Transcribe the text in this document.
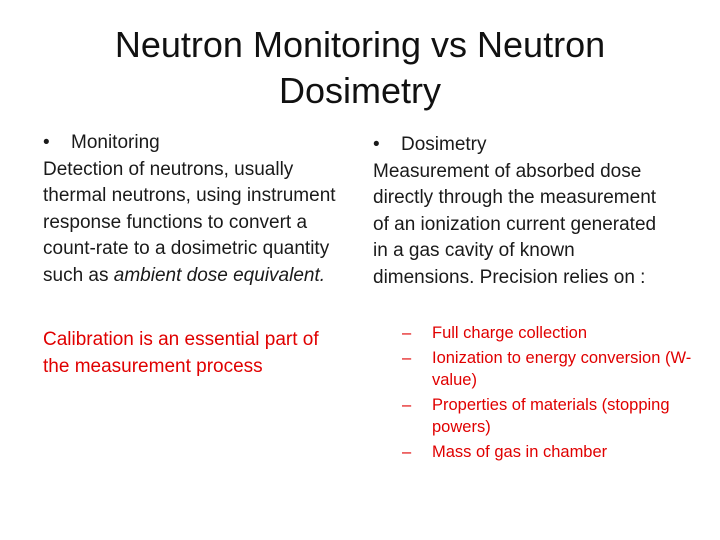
Neutron Monitoring vs Neutron Dosimetry
•	Monitoring
Detection of neutrons, usually thermal neutrons, using instrument response functions to convert a count-rate to a dosimetric quantity such as ambient dose equivalent.
Calibration is an essential part of the measurement process
•	Dosimetry
Measurement of absorbed dose directly through the measurement of an ionization current generated in a gas cavity of known dimensions. Precision relies on :
–	Full charge collection
–	Ionization to energy conversion (W-value)
–	Properties of materials (stopping powers)
–	Mass of gas in chamber
